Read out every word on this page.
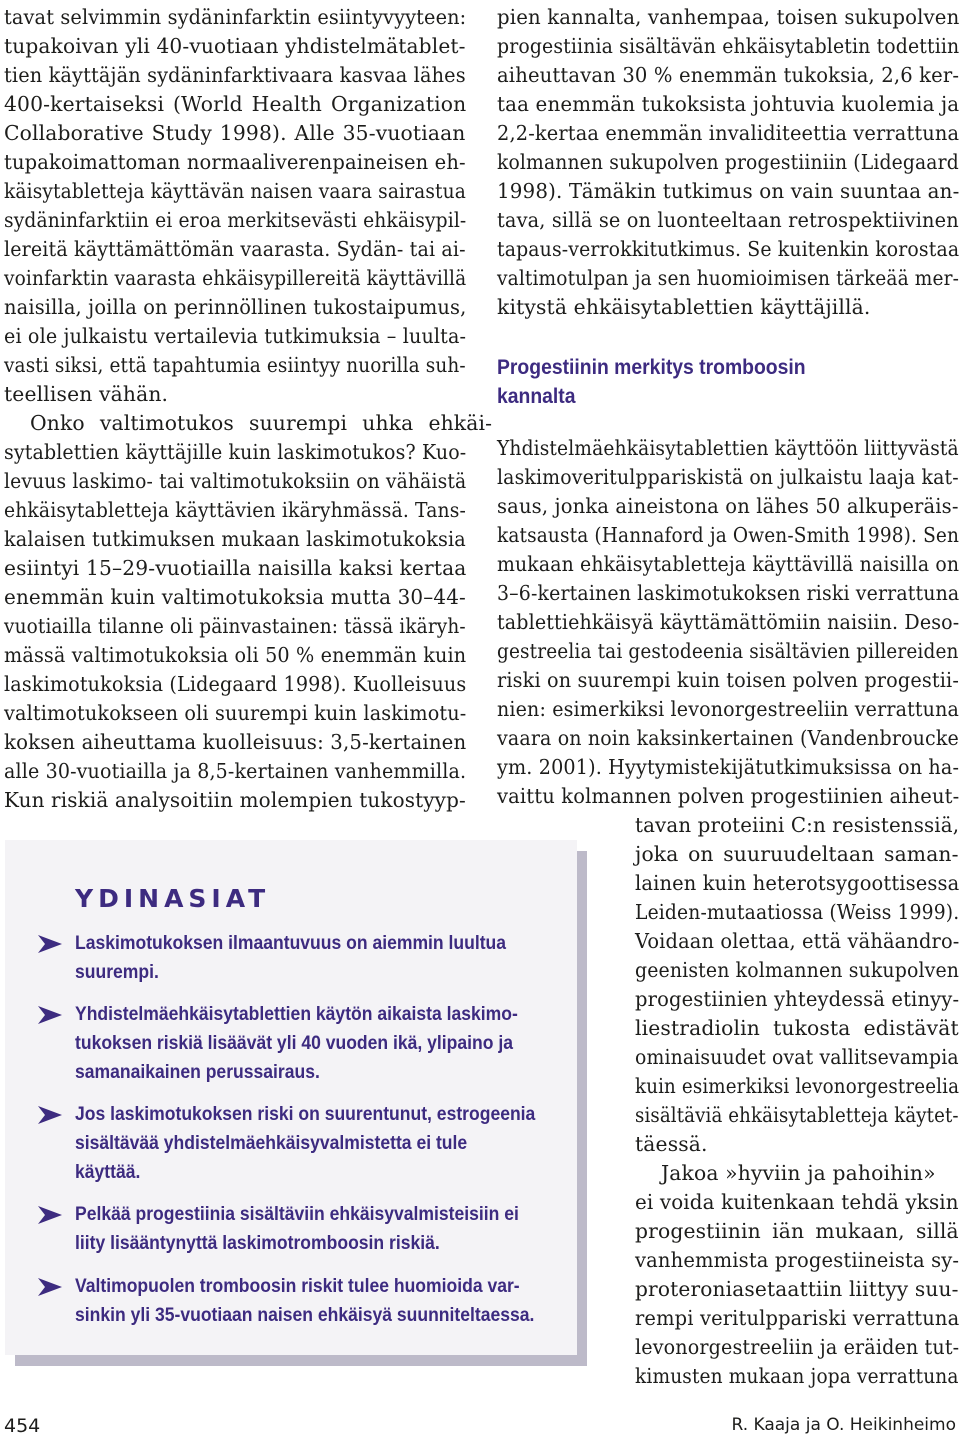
YDINASIAT

454	R. Kaaja ja O. Heikinheimo

tavat selvimmin sydäninfarktin esiintyvyyteen:

tupakoivan yli 40-vuotiaan yhdistelmätablet-

tien käyttäjän sydäninfarktivaara kasvaa lähes

400-kertaiseksi (World Health Organization

Collaborative Study 1998). Alle 35-vuotiaan

tupakoimattoman normaaliverenpaineisen eh-

käisytabletteja käyttävän naisen vaara sairastua

sydäninfarktiin ei eroa merkitsevästi ehkäisypil-

lereitä käyttämättömän vaarasta. Sydän- tai ai-

voinfarktin vaarasta ehkäisypillereitä käyttävillä

naisilla, joilla on perinnöllinen tukostaipumus,

ei ole julkaistu vertailevia tutkimuksia – luulta-

vasti siksi, että tapahtumia esiintyy nuorilla suh-

teellisen vähän.

Onko valtimotukos suurempi uhka ehkäi-

sytablettien käyttäjille kuin laskimotukos? Kuo-

levuus laskimo- tai valtimotukoksiin on vähäistä

ehkäisytabletteja käyttävien ikäryhmässä. Tans-

kalaisen tutkimuksen mukaan laskimotukoksia

esiintyi 15–29-vuotiailla naisilla kaksi kertaa

enemmän kuin valtimotukoksia mutta 30–44-

vuotiailla tilanne oli päinvastainen: tässä ikäryh-

mässä valtimotukoksia oli 50 % enemmän kuin

laskimotukoksia (Lidegaard 1998). Kuolleisuus

valtimotukokseen oli suurempi kuin laskimotu-

koksen aiheuttama kuolleisuus: 3,5-kertainen

alle 30-vuotiailla ja 8,5-kertainen vanhemmilla.

Kun riskiä analysoitiin molempien tukostyyp-

pien kannalta, vanhempaa, toisen sukupolven

progestiinia sisältävän ehkäisytabletin todettiin

aiheuttavan 30 % enemmän tukoksia, 2,6 ker-

taa enemmän tukoksista johtuvia kuolemia ja

2,2-kertaa enemmän invaliditeettia verrattuna

kolmannen sukupolven progestiiniin (Lidegaard

1998). Tämäkin tutkimus on vain suuntaa an-

tava, sillä se on luonteeltaan retrospektiivinen

tapaus-verrokkitutkimus. Se kuitenkin korostaa

valtimotulpan ja sen huomioimisen tärkeää mer-

kitystä ehkäisytablettien käyttäjillä.

Yhdistelmäehkäisytablettien käyttöön liittyvästä

laskimoveritulppariskistä on julkaistu laaja kat-

saus, jonka aineistona on lähes 50 alkuperäis-

katsausta (Hannaford ja Owen-Smith 1998). Sen

mukaan ehkäisytabletteja käyttävillä naisilla on

3–6-kertainen laskimotukoksen riski verrattuna

tablettiehkäisyä käyttämättömiin naisiin. Deso-

gestreelia tai gestodeenia sisältävien pillereiden

riski on suurempi kuin toisen polven progestii-

nien: esimerkiksi levonorgestreeliin verrattuna

vaara on noin kaksinkertainen (Vandenbroucke

ym. 2001). Hyytymistekijätutkimuksissa on ha-

vaittu kolmannen polven progestiinien aiheut-

tavan proteiini C:n resistenssiä,

joka on suuruudeltaan saman-

lainen kuin heterotsygoottisessa

Leiden-mutaatiossa (Weiss 1999).

Voidaan olettaa, että vähäandro-

geenisten kolmannen sukupolven

progestiinien yhteydessä etinyy-

liestradiolin tukosta edistävät

ominaisuudet ovat vallitsevampia

kuin esimerkiksi levonorgestreelia

sisältäviä ehkäisytabletteja käytet-

täessä.

Jakoa »hyviin ja pahoihin»

ei voida kuitenkaan tehdä yksin

progestiinin iän mukaan, sillä

vanhemmista progestiineista sy-

proteroniasetaattiin liittyy suu-

rempi veritulppariski verrattuna

levonorgestreeliin ja eräiden tut-

kimusten mukaan jopa verrattuna

Progestiinin merkitys tromboosin

kannalta

Laskimotukoksen ilmaantuvuus on aiemmin luultua

suurempi.

Yhdistelmäehkäisytablettien käytön aikaista laskimo-

tukoksen riskiä lisäävät yli 40 vuoden ikä, ylipaino ja

samanaikainen perussairaus.

Jos laskimotukoksen riski on suurentunut, estrogeenia

sisältävää yhdistelmäehkäisyvalmistetta ei tule

käyttää.

Pelkää progestiinia sisältäviin ehkäisyvalmisteisiin ei

liity lisääntynyttä laskimotromboosin riskiä.

Valtimopuolen tromboosin riskit tulee huomioida var-

sinkin yli 35-vuotiaan naisen ehkäisyä suunniteltaessa.
